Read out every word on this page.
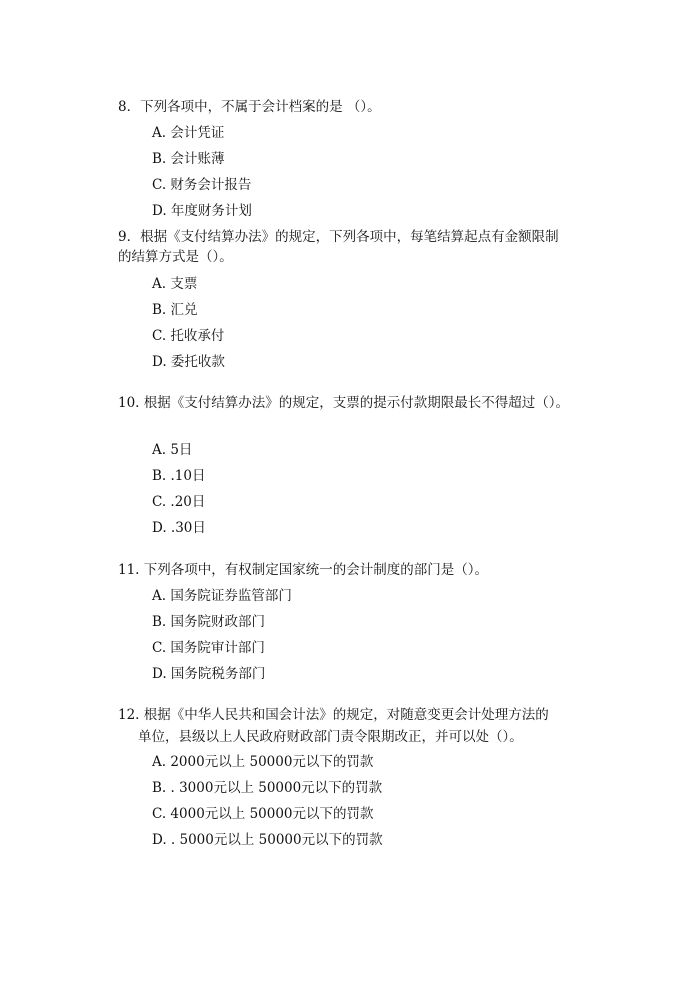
8．下列各项中，不属于会计档案的是 （）。
A. 会计凭证
B. 会计账薄
C. 财务会计报告
D. 年度财务计划
9．根据《支付结算办法》的规定，下列各项中，每笔结算起点有金额限制
的结算方式是（）。
A. 支票
B. 汇兑
C. 托收承付
D. 委托收款
10. 根据《支付结算办法》的规定，支票的提示付款期限最长不得超过（）。
A. 5日
B. .10日
C. .20日
D. .30日
11. 下列各项中，有权制定国家统一的会计制度的部门是（）。
A. 国务院证券监管部门
B. 国务院财政部门
C. 国务院审计部门
D. 国务院税务部门
12. 根据《中华人民共和国会计法》的规定，对随意变更会计处理方法的
单位，县级以上人民政府财政部门责令限期改正，并可以处（）。
A. 2000元以上 50000元以下的罚款
B. . 3000元以上 50000元以下的罚款
C. 4000元以上 50000元以下的罚款
D. . 5000元以上 50000元以下的罚款
